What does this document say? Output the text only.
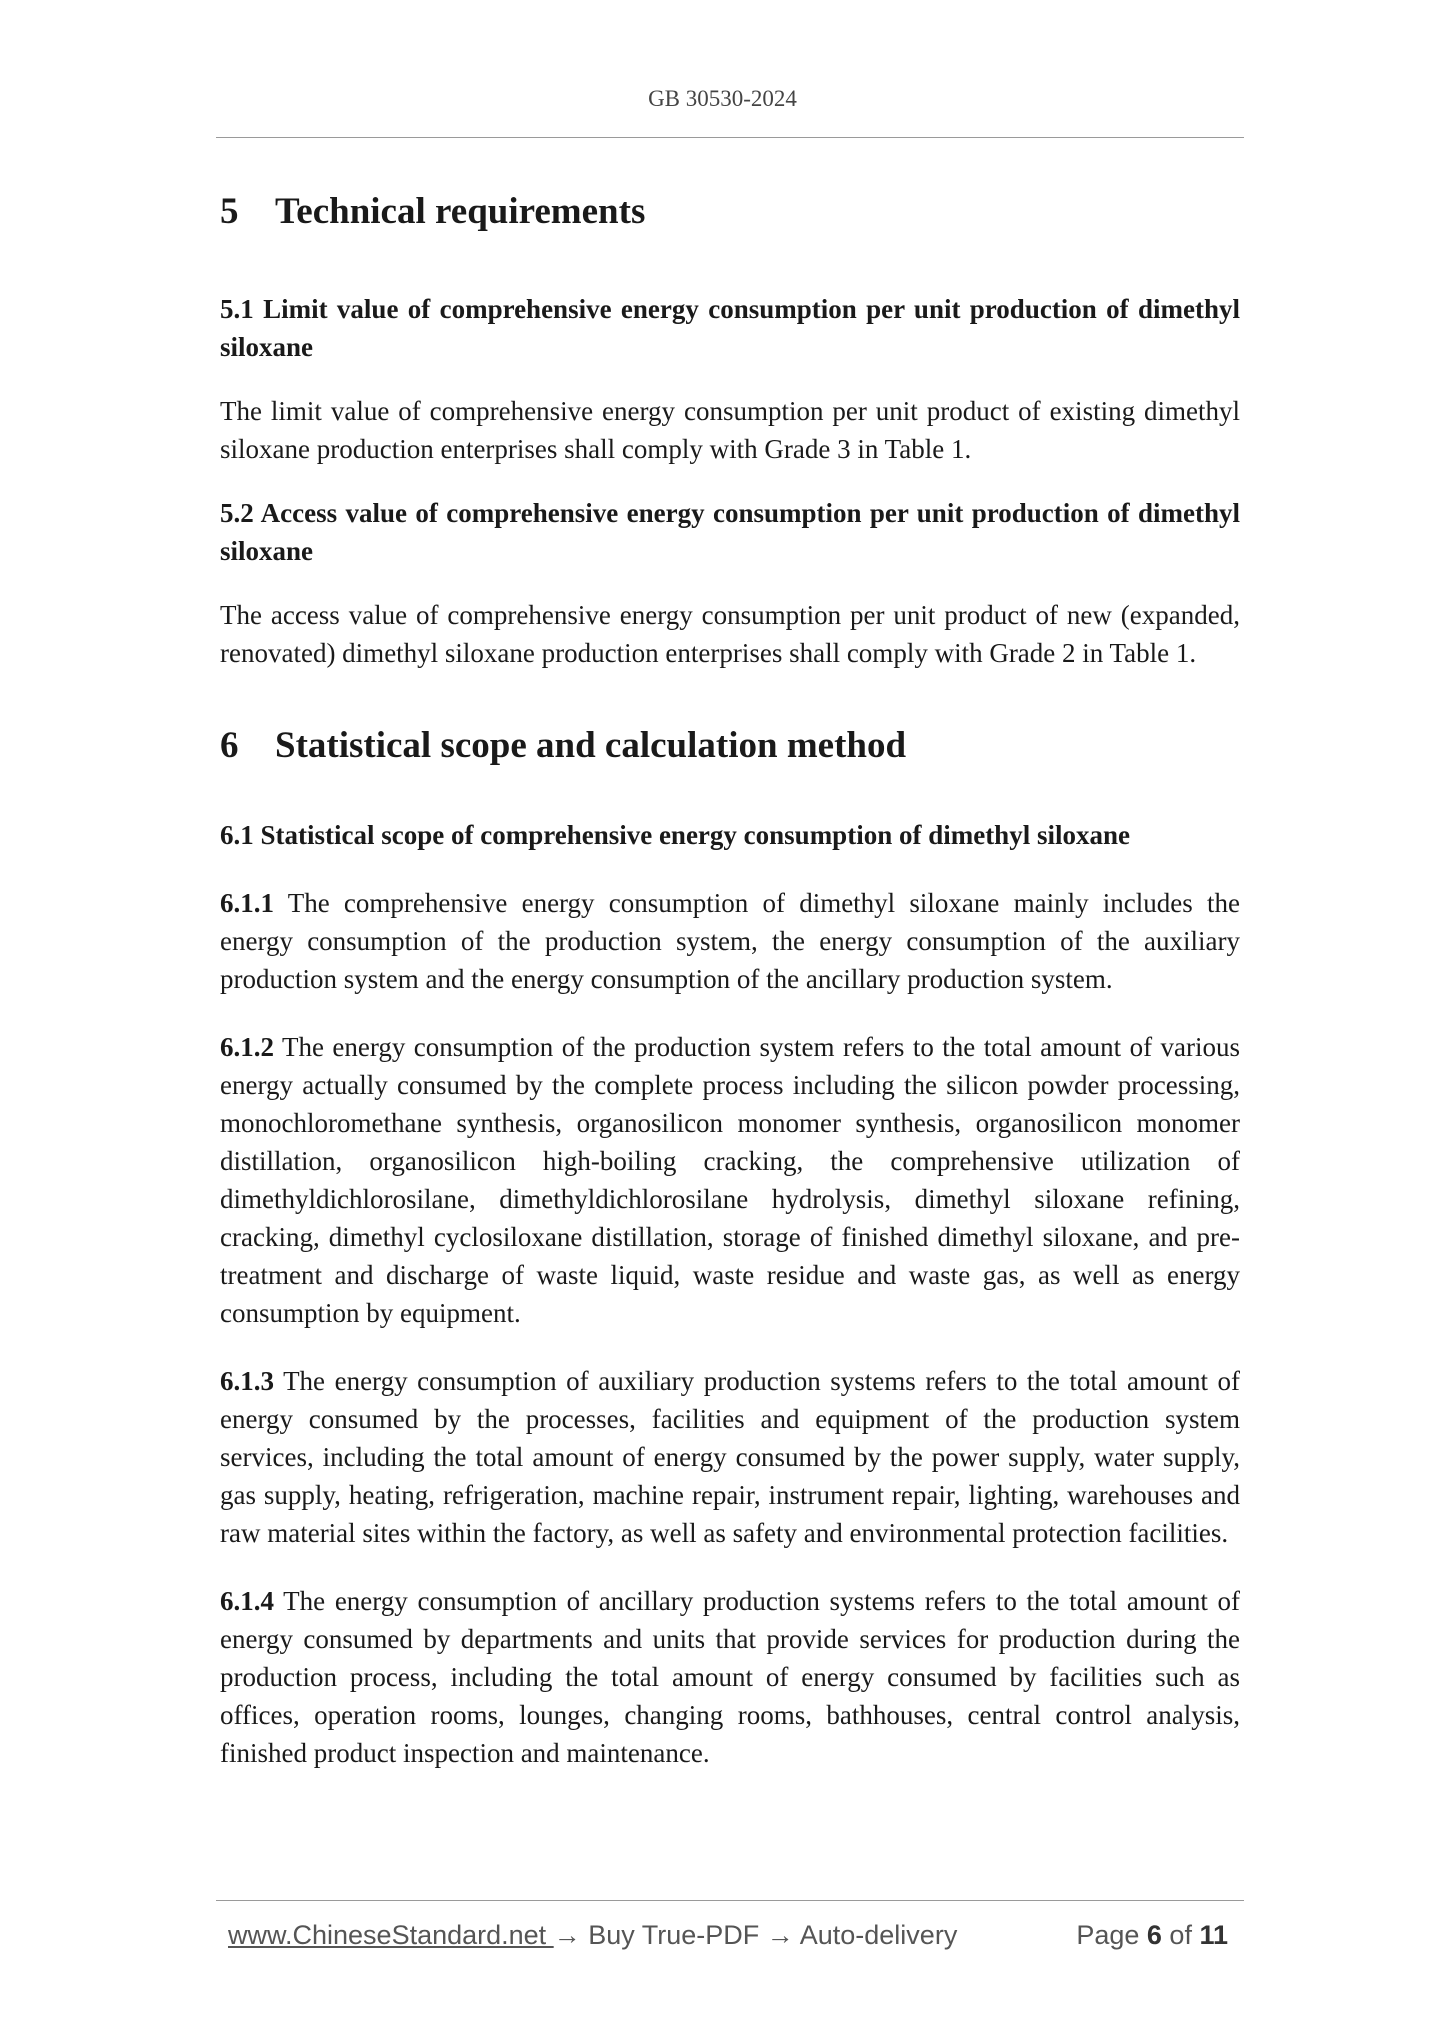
GB 30530-2024
5 Technical requirements
5.1 Limit value of comprehensive energy consumption per unit production of dimethyl siloxane

The limit value of comprehensive energy consumption per unit product of existing dimethyl siloxane production enterprises shall comply with Grade 3 in Table 1.

5.2 Access value of comprehensive energy consumption per unit production of dimethyl siloxane

The access value of comprehensive energy consumption per unit product of new (expanded, renovated) dimethyl siloxane production enterprises shall comply with Grade 2 in Table 1.

6 Statistical scope and calculation method
6.1 Statistical scope of comprehensive energy consumption of dimethyl siloxane

6.1.1 The comprehensive energy consumption of dimethyl siloxane mainly includes the energy consumption of the production system, the energy consumption of the auxiliary production system and the energy consumption of the ancillary production system.

6.1.2 The energy consumption of the production system refers to the total amount of various energy actually consumed by the complete process including the silicon powder processing, monochloromethane synthesis, organosilicon monomer synthesis, organosilicon monomer distillation, organosilicon high-boiling cracking, the comprehensive utilization of dimethyldichlorosilane, dimethyldichlorosilane hydrolysis, dimethyl siloxane refining, cracking, dimethyl cyclosiloxane distillation, storage of finished dimethyl siloxane, and pre-treatment and discharge of waste liquid, waste residue and waste gas, as well as energy consumption by equipment.

6.1.3 The energy consumption of auxiliary production systems refers to the total amount of energy consumed by the processes, facilities and equipment of the production system services, including the total amount of energy consumed by the power supply, water supply, gas supply, heating, refrigeration, machine repair, instrument repair, lighting, warehouses and raw material sites within the factory, as well as safety and environmental protection facilities.

6.1.4 The energy consumption of ancillary production systems refers to the total amount of energy consumed by departments and units that provide services for production during the production process, including the total amount of energy consumed by facilities such as offices, operation rooms, lounges, changing rooms, bathhouses, central control analysis, finished product inspection and maintenance.

www.ChineseStandard.net → Buy True-PDF → Auto-delivery	Page 6 of 11
